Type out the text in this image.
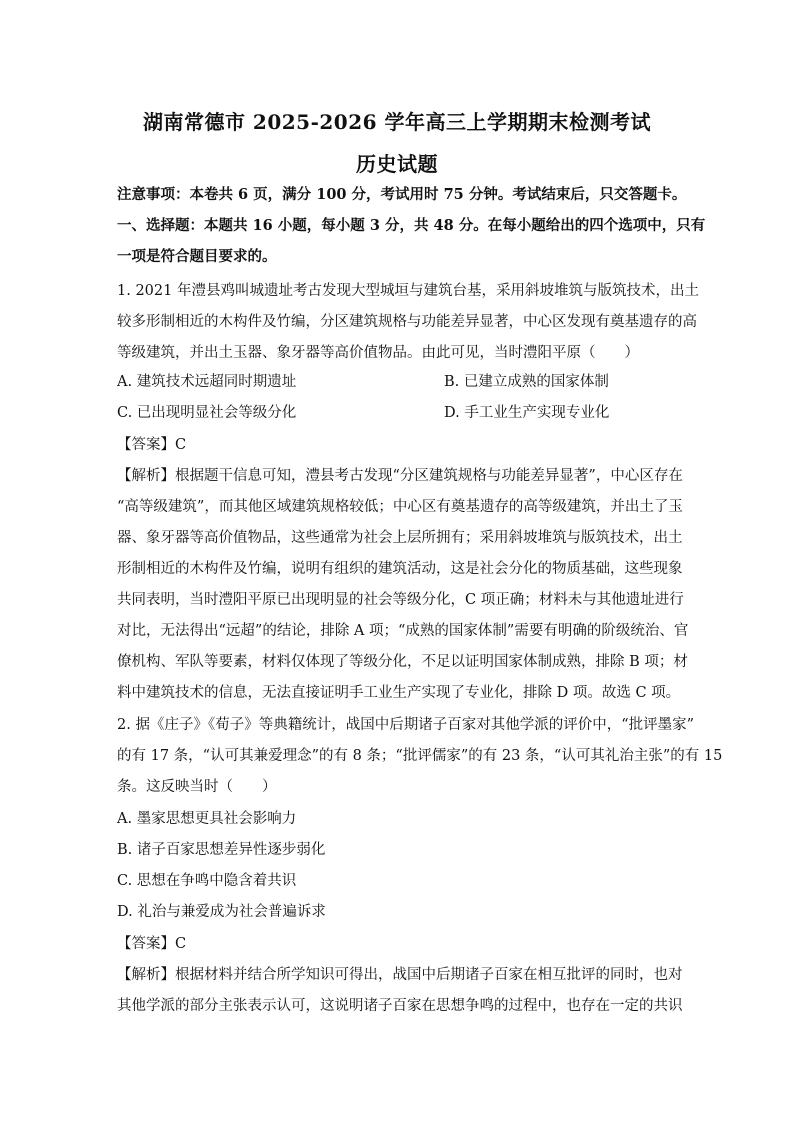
湖南常德市 2025-2026 学年高三上学期期末检测考试
历史试题
注意事项：本卷共 6 页，满分 100 分，考试用时 75 分钟。考试结束后，只交答题卡。
一、选择题：本题共 16 小题，每小题 3 分，共 48 分。在每小题给出的四个选项中，只有
一项是符合题目要求的。
1. 2021 年澧县鸡叫城遗址考古发现大型城垣与建筑台基，采用斜坡堆筑与版筑技术，出土
较多形制相近的木构件及竹编，分区建筑规格与功能差异显著，中心区发现有奠基遗存的高
等级建筑，并出土玉器、象牙器等高价值物品。由此可见，当时澧阳平原（　　）
A. 建筑技术远超同时期遗址	B. 已建立成熟的国家体制
C. 已出现明显社会等级分化	D. 手工业生产实现专业化
【答案】C
【解析】根据题干信息可知，澧县考古发现“分区建筑规格与功能差异显著”，中心区存在
“高等级建筑”，而其他区域建筑规格较低；中心区有奠基遗存的高等级建筑，并出土了玉
器、象牙器等高价值物品，这些通常为社会上层所拥有；采用斜坡堆筑与版筑技术，出土
形制相近的木构件及竹编，说明有组织的建筑活动，这是社会分化的物质基础，这些现象
共同表明，当时澧阳平原已出现明显的社会等级分化，C 项正确；材料未与其他遗址进行
对比，无法得出“远超”的结论，排除 A 项；“成熟的国家体制”需要有明确的阶级统治、官
僚机构、军队等要素，材料仅体现了等级分化，不足以证明国家体制成熟，排除 B 项；材
料中建筑技术的信息，无法直接证明手工业生产实现了专业化，排除 D 项。故选 C 项。
2. 据《庄子》《荀子》等典籍统计，战国中后期诸子百家对其他学派的评价中，“批评墨家”
的有 17 条，“认可其兼爱理念”的有 8 条；“批评儒家”的有 23 条，“认可其礼治主张”的有 15
条。这反映当时（　　）
A. 墨家思想更具社会影响力
B. 诸子百家思想差异性逐步弱化
C. 思想在争鸣中隐含着共识
D. 礼治与兼爱成为社会普遍诉求
【答案】C
【解析】根据材料并结合所学知识可得出，战国中后期诸子百家在相互批评的同时，也对
其他学派的部分主张表示认可，这说明诸子百家在思想争鸣的过程中，也存在一定的共识
